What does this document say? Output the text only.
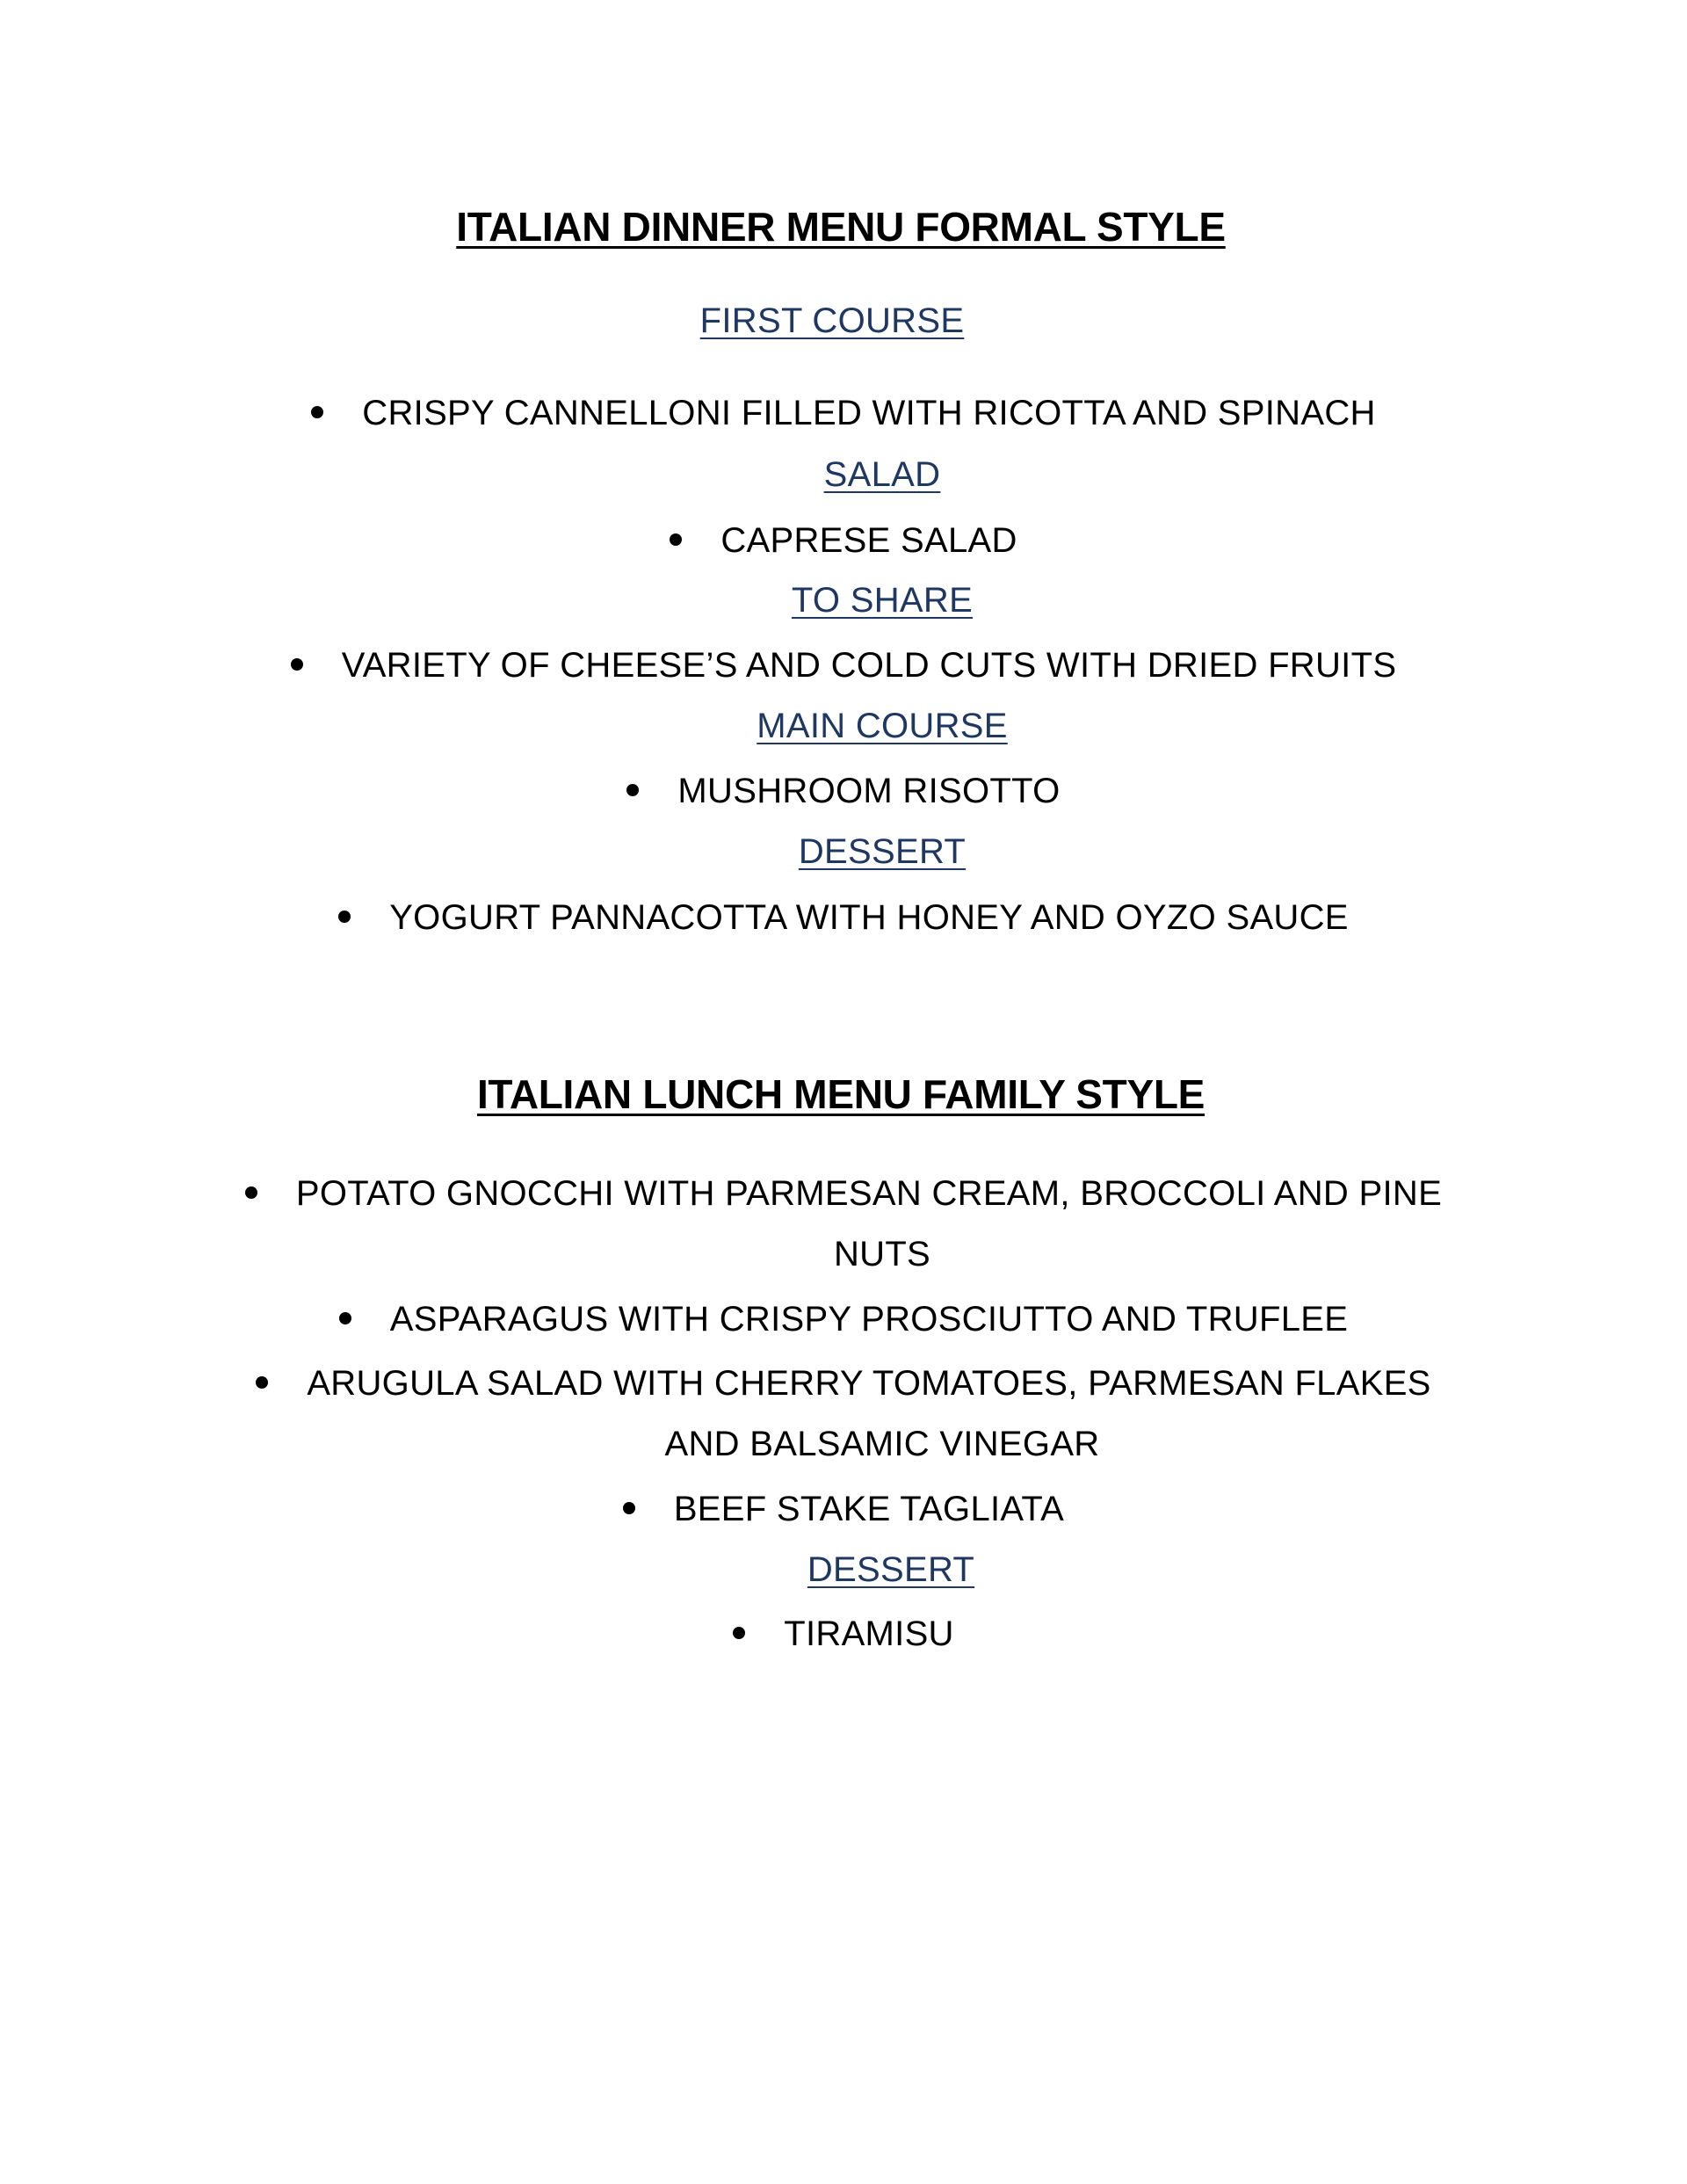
ITALIAN DINNER MENU FORMAL STYLE
FIRST COURSE
CRISPY CANNELLONI FILLED WITH RICOTTA AND SPINACH
SALAD
CAPRESE SALAD
TO SHARE
VARIETY OF CHEESE’S AND COLD CUTS WITH DRIED FRUITS
MAIN COURSE
MUSHROOM RISOTTO
DESSERT
YOGURT PANNACOTTA WITH HONEY AND OYZO SAUCE
ITALIAN LUNCH MENU FAMILY STYLE
POTATO GNOCCHI WITH PARMESAN CREAM, BROCCOLI AND PINE
NUTS
ASPARAGUS WITH CRISPY PROSCIUTTO AND TRUFLEE
ARUGULA SALAD WITH CHERRY TOMATOES, PARMESAN FLAKES
AND BALSAMIC VINEGAR
BEEF STAKE TAGLIATA
DESSERT
TIRAMISU
